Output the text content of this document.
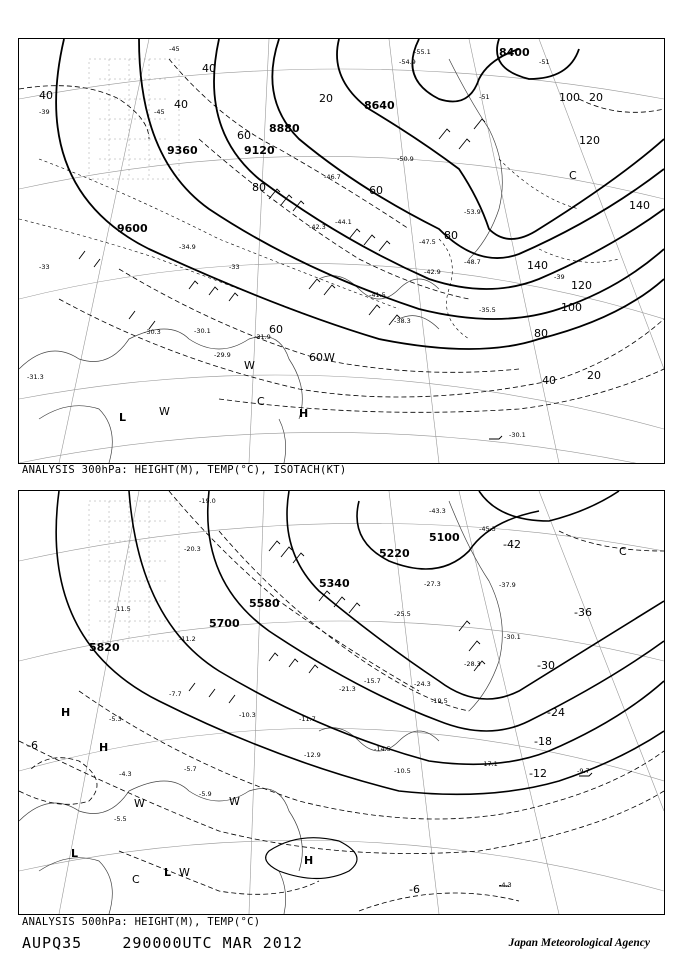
9600
9360	9120
8880
8640
8400
40
40
20
40
60
80	60
80
100
120
140
140
120
100
80
60
40	20
20
60
-45
-51
-54.9
-55.1
-51
-45
-39
-33
-34.9
-33
-47.5
-42.9
-41.5
-44.1
-38.3
-35.5
-31.9
-30.1
-29.9
-30.1
-31.3
-30.3
-42.3
-39
-50.9
-53.9
-48.7
-46.7
L	H
C
W
W
W
C
ANALYSIS 300hPa: HEIGHT(M), TEMP(°C), ISOTACH(KT)
5820
5700
5580
5340
5220
5100
-42
-36
-30
-24
-18
-12
-6
-6
-19.0
-20.3
-11.5
-11.2
-7.7
-5.3
-4.3
-5.7
-5.9
-5.5
-12.9
-14.5
-10.5
-17.1
-9.7
-25.5
-27.3	-37.9
-43.3
-45.3
-30.1
-28.3
-24.3
-21.3
-15.7
-19.5
-10.3	-11.7
-4.3
H
H
H
L
L
W	W
C
W
C
ANALYSIS 500hPa: HEIGHT(M), TEMP(°C)
AUPQ35	290000UTC MAR 2012	Japan Meteorological Agency
